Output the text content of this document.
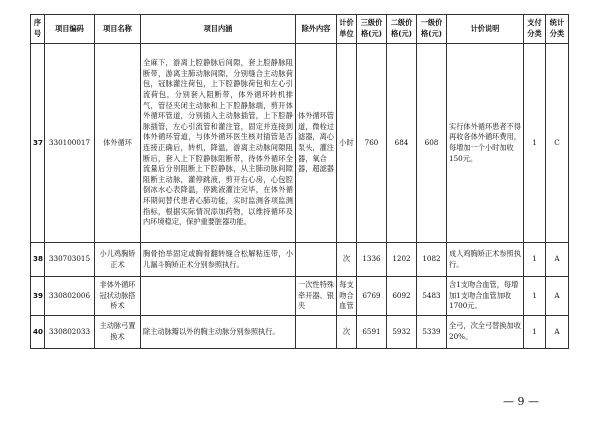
序号	项目编码	项目名称	项目内涵	除外内容	计价单位	三级价格(元)	二级价格(元)	一级价格(元)	计价说明	支付分类	统计分类
37	330100017	体外循环	全麻下，游离上腔静脉后间隙，套上腔静脉阻断带，游离主肺动脉间隙，分别缝合主动脉荷包，冠脉灌注荷包，上下腔静脉荷包和左心引流荷包，分别套入阻断带，体外循环转机排气，管径夹闭主动脉和上下腔静脉端，剪开体外循环管道，分别插入主动脉插管，上下腔静脉插管，左心引流管和灌注管，固定并连接到体外循环管道，与体外循环医生核对插管是否连接正确后，转机，降温，游离主动脉间隙阻断后，套入上下腔静脉阻断带，待体外循环全流量后分别阻断上下腔静脉，从主肺动脉间隙阻断主动脉，灌停跳液，剪开右心房，心包腔倒冰水心表降温，停跳液灌注完毕，在体外循环期间替代患者心肺功能，实时监测各项监测指标，根据实际情况添加药物，以维持循环及内环境稳定，保护重要脏器功能。	体外循环管道，微栓过滤器，离心泵头，灌注器，氧合器，超滤器	小时	760	684	608	实行体外循环患者不得再收各体外循环费用，每增加一个小时加收150元。	1	C
38	330703015	小儿鸡胸矫正术	胸骨抬举固定或胸骨翻转缝合松解粘连带，小儿漏斗胸矫正术分别参照执行。		次	1336	1202	1082	成人鸡胸矫正术参照执行。	1	A
39	330802006	非体外循环冠状动脉搭桥术		一次性特殊牵开器、银夹	每支吻合血管	6769	6092	5483	含1支吻合血管，每增加1支吻合血管加收1700元。	1	A
40	330802033	主动脉弓置换术	除主动脉瓣以外的胸主动脉分别参照执行。		次	6591	5932	5339	全弓，次全弓替换加收20%。	1	A
— 9 —
